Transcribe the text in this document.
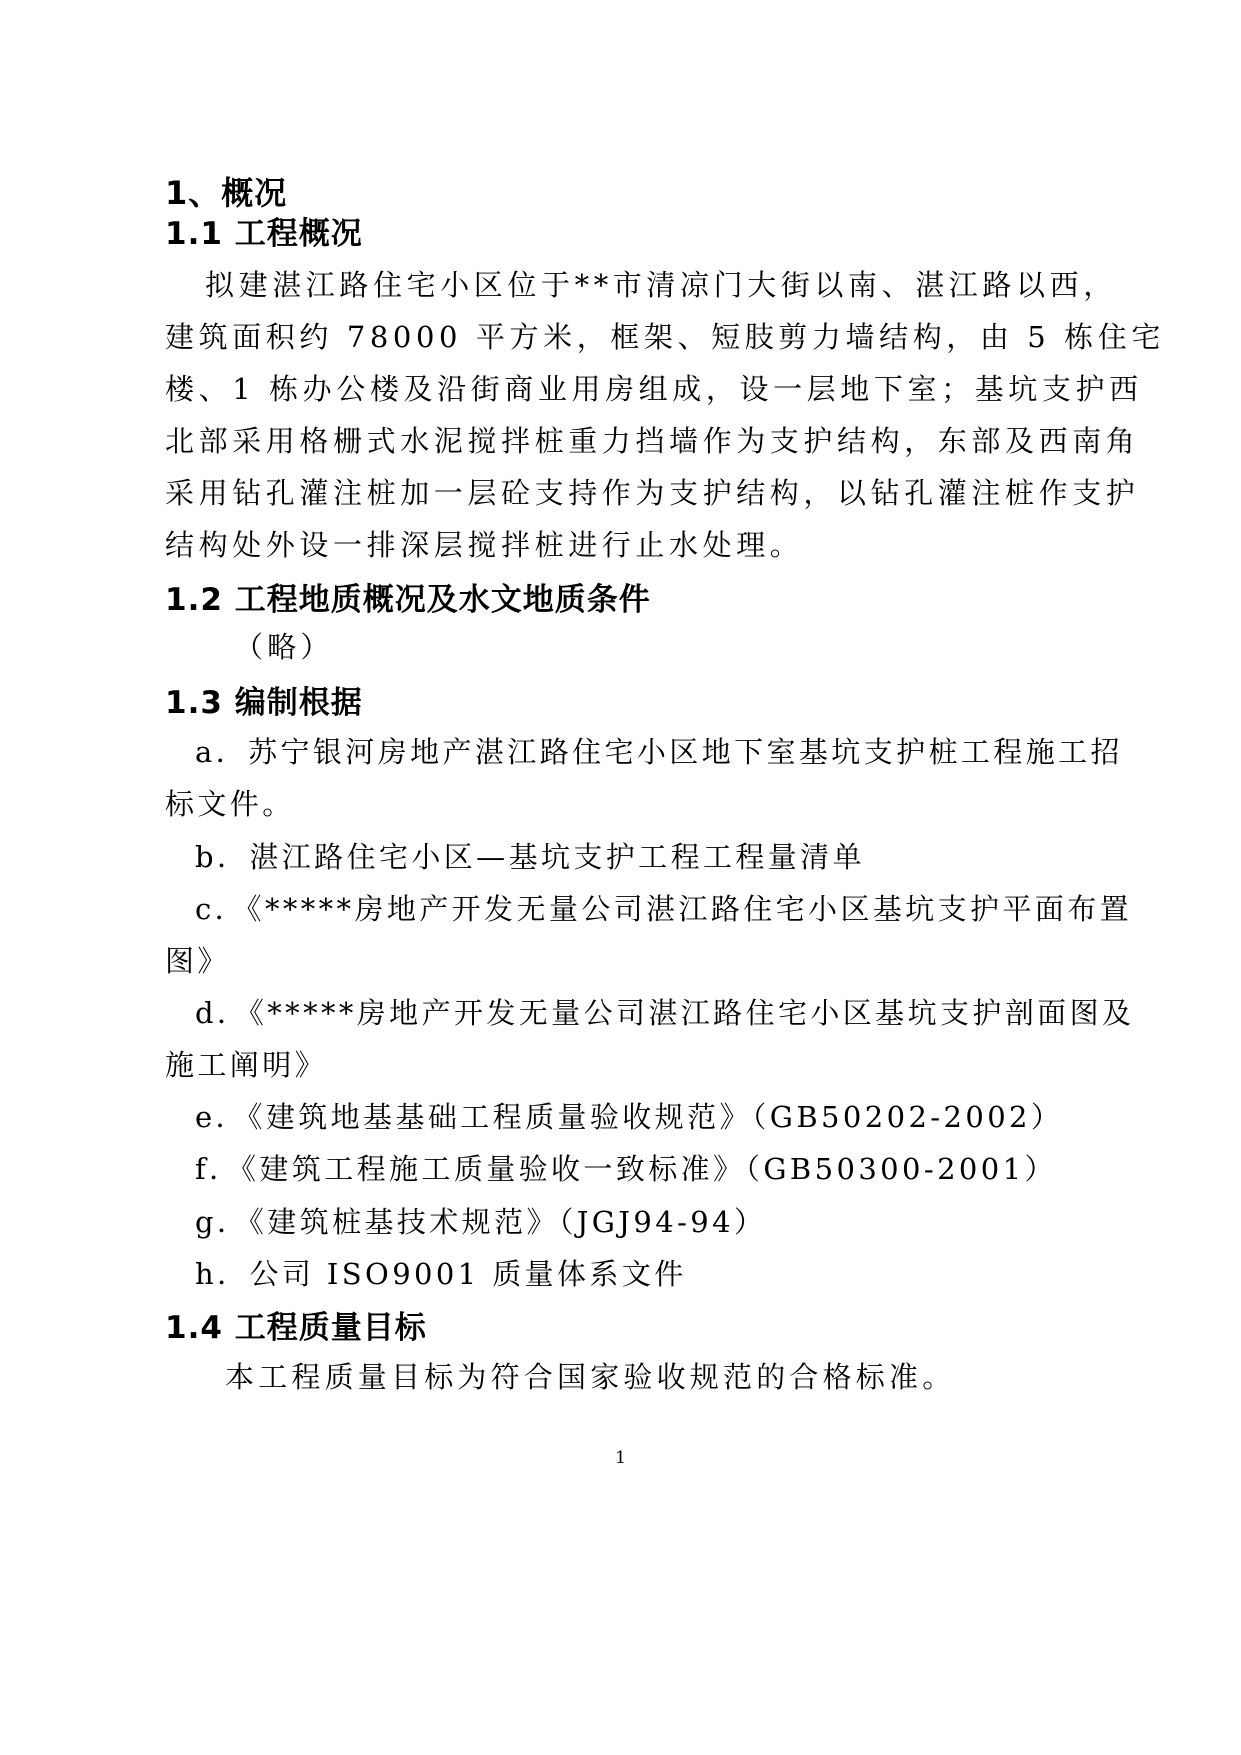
1、概况
1.1 工程概况
拟建湛江路住宅小区位于**市清凉门大街以南、湛江路以西，
建筑面积约 78000 平方米，框架、短肢剪力墙结构，由 5 栋住宅
楼、1 栋办公楼及沿街商业用房组成，设一层地下室；基坑支护西
北部采用格栅式水泥搅拌桩重力挡墙作为支护结构，东部及西南角
采用钻孔灌注桩加一层砼支持作为支护结构，以钻孔灌注桩作支护
结构处外设一排深层搅拌桩进行止水处理。
1.2 工程地质概况及水文地质条件
（略）
1.3 编制根据
a．苏宁银河房地产湛江路住宅小区地下室基坑支护桩工程施工招
标文件。
b．湛江路住宅小区—基坑支护工程工程量清单
c．《*****房地产开发无量公司湛江路住宅小区基坑支护平面布置
图》
d．《*****房地产开发无量公司湛江路住宅小区基坑支护剖面图及
施工阐明》
e．《建筑地基基础工程质量验收规范》（GB50202-2002）
f．《建筑工程施工质量验收一致标准》（GB50300-2001）
g．《建筑桩基技术规范》（JGJ94-94）
h．公司 ISO9001 质量体系文件
1.4 工程质量目标
本工程质量目标为符合国家验收规范的合格标准。
1
